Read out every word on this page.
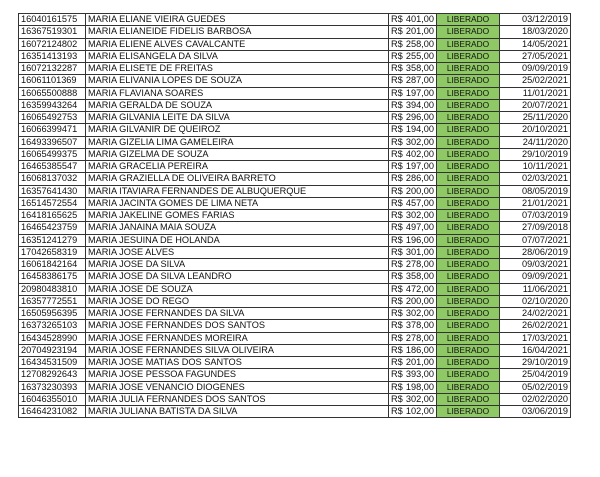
16040161575	MARIA ELIANE VIEIRA GUEDES	R$ 401,00	LIBERADO	03/12/2019
16367519301	MARIA ELIANEIDE FIDELIS BARBOSA	R$ 201,00	LIBERADO	18/03/2020
16072124802	MARIA ELIENE ALVES CAVALCANTE	R$ 258,00	LIBERADO	14/05/2021
16351413193	MARIA ELISANGELA DA SILVA	R$ 255,00	LIBERADO	27/05/2021
16072132287	MARIA ELISETE DE FREITAS	R$ 358,00	LIBERADO	09/09/2019
16061101369	MARIA ELIVANIA LOPES DE SOUZA	R$ 287,00	LIBERADO	25/02/2021
16065500888	MARIA FLAVIANA SOARES	R$ 197,00	LIBERADO	11/01/2021
16359943264	MARIA GERALDA DE SOUZA	R$ 394,00	LIBERADO	20/07/2021
16065492753	MARIA GILVANIA LEITE DA SILVA	R$ 296,00	LIBERADO	25/11/2020
16066399471	MARIA GILVANIR DE QUEIROZ	R$ 194,00	LIBERADO	20/10/2021
16493396507	MARIA GIZELIA LIMA GAMELEIRA	R$ 302,00	LIBERADO	24/11/2020
16065499375	MARIA GIZELMA DE SOUZA	R$ 402,00	LIBERADO	29/10/2019
16465385547	MARIA GRACELIA PEREIRA	R$ 197,00	LIBERADO	10/11/2021
16068137032	MARIA GRAZIELLA DE OLIVEIRA BARRETO	R$ 286,00	LIBERADO	02/03/2021
16357641430	MARIA ITAVIARA FERNANDES DE ALBUQUERQUE	R$ 200,00	LIBERADO	08/05/2019
16514572554	MARIA JACINTA GOMES DE LIMA NETA	R$ 457,00	LIBERADO	21/01/2021
16418165625	MARIA JAKELINE GOMES FARIAS	R$ 302,00	LIBERADO	07/03/2019
16465423759	MARIA JANAINA MAIA SOUZA	R$ 497,00	LIBERADO	27/09/2018
16351241279	MARIA JESUINA DE HOLANDA	R$ 196,00	LIBERADO	07/07/2021
17042658319	MARIA JOSE ALVES	R$ 301,00	LIBERADO	28/06/2019
16061842164	MARIA JOSE DA SILVA	R$ 278,00	LIBERADO	09/03/2021
16458386175	MARIA JOSE DA SILVA LEANDRO	R$ 358,00	LIBERADO	09/09/2021
20980483810	MARIA JOSE DE SOUZA	R$ 472,00	LIBERADO	11/06/2021
16357772551	MARIA JOSE DO REGO	R$ 200,00	LIBERADO	02/10/2020
16505956395	MARIA JOSE FERNANDES DA SILVA	R$ 302,00	LIBERADO	24/02/2021
16373265103	MARIA JOSE FERNANDES DOS SANTOS	R$ 378,00	LIBERADO	26/02/2021
16434528990	MARIA JOSE FERNANDES MOREIRA	R$ 278,00	LIBERADO	17/03/2021
20704923194	MARIA JOSE FERNANDES SILVA OLIVEIRA	R$ 186,00	LIBERADO	16/04/2021
16434531509	MARIA JOSE MATIAS DOS SANTOS	R$ 201,00	LIBERADO	29/10/2019
12708292643	MARIA JOSE PESSOA FAGUNDES	R$ 393,00	LIBERADO	25/04/2019
16373230393	MARIA JOSE VENANCIO DIOGENES	R$ 198,00	LIBERADO	05/02/2019
16046355010	MARIA JULIA FERNANDES DOS SANTOS	R$ 302,00	LIBERADO	02/02/2020
16464231082	MARIA JULIANA BATISTA DA SILVA	R$ 102,00	LIBERADO	03/06/2019
